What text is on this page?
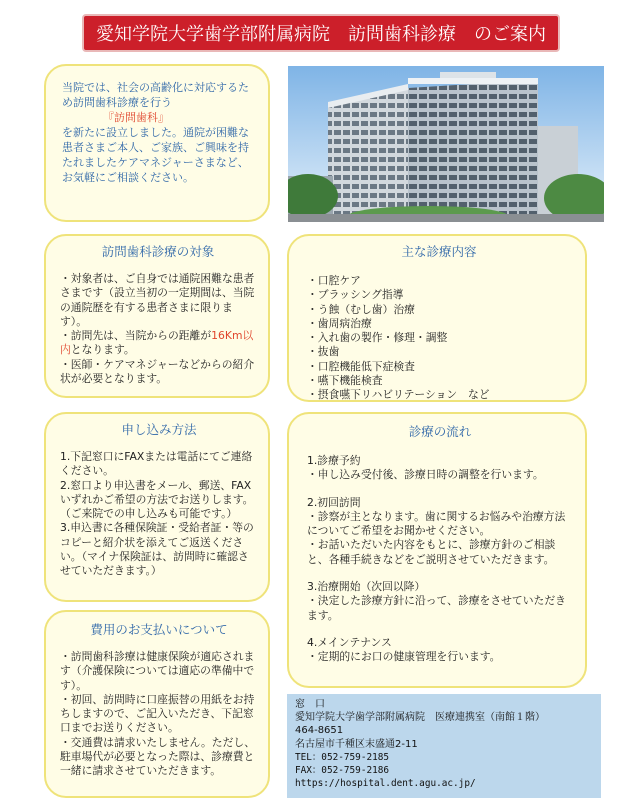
愛知学院大学歯学部附属病院　訪問歯科診療　のご案内

当院では、社会の高齢化に対応するため訪問歯科診療を行う

『訪問歯科』

を新たに設立しました。通院が困難な患者さまご本人、ご家族、ご興味を持たれましたケアマネジャーさまなど、お気軽にご相談ください。

訪問歯科診療の対象

・対象者は、ご自身では通院困難な患者さまです（設立当初の一定期間は、当院の通院歴を有する患者さまに限ります）。
・訪問先は、当院からの距離が16Km以内となります。
・医師・ケアマネジャーなどからの紹介状が必要となります。

主な診療内容

・口腔ケア

・ブラッシング指導

・う蝕（むし歯）治療

・歯周病治療

・入れ歯の製作・修理・調整

・抜歯

・口腔機能低下症検査

・嚥下機能検査

・摂食嚥下リハビリテーション　など

申し込み方法

1.下記窓口にFAXまたは電話にてご連絡ください。
2.窓口より申込書をメール、郵送、FAXいずれかご希望の方法でお送りします。（ご来院での申し込みも可能です。）
3.申込書に各種保険証・受給者証・等のコピーと紹介状を添えてご返送ください。（マイナ保険証は、訪問時に確認させていただきます。）

診療の流れ

1.診療予約

・申し込み受付後、診療日時の調整を行います。

2.初回訪問

・診察が主となります。歯に関するお悩みや治療方法についてご希望をお聞かせください。
・お話いただいた内容をもとに、診療方針のご相談と、各種手続きなどをご説明させていただきます。

3.治療開始（次回以降）

・決定した診療方針に沿って、診療をさせていただきます。

4.メインテナンス

・定期的にお口の健康管理を行います。

費用のお支払いについて

・訪問歯科診療は健康保険が適応されます（介護保険については適応の準備中です）。
・初回、訪問時に口座振替の用紙をお持ちしますので、ご記入いただき、下記窓口までお送りください。
・交通費は請求いたしません。ただし、駐車場代が必要となった際は、診療費と一緒に請求させていただきます。

窓　口
愛知学院大学歯学部附属病院　医療連携室（南館１階）
464-8651
名古屋市千種区末盛通2-11
TEL：052-759-2185
FAX：052-759-2186
https://hospital.dent.agu.ac.jp/
